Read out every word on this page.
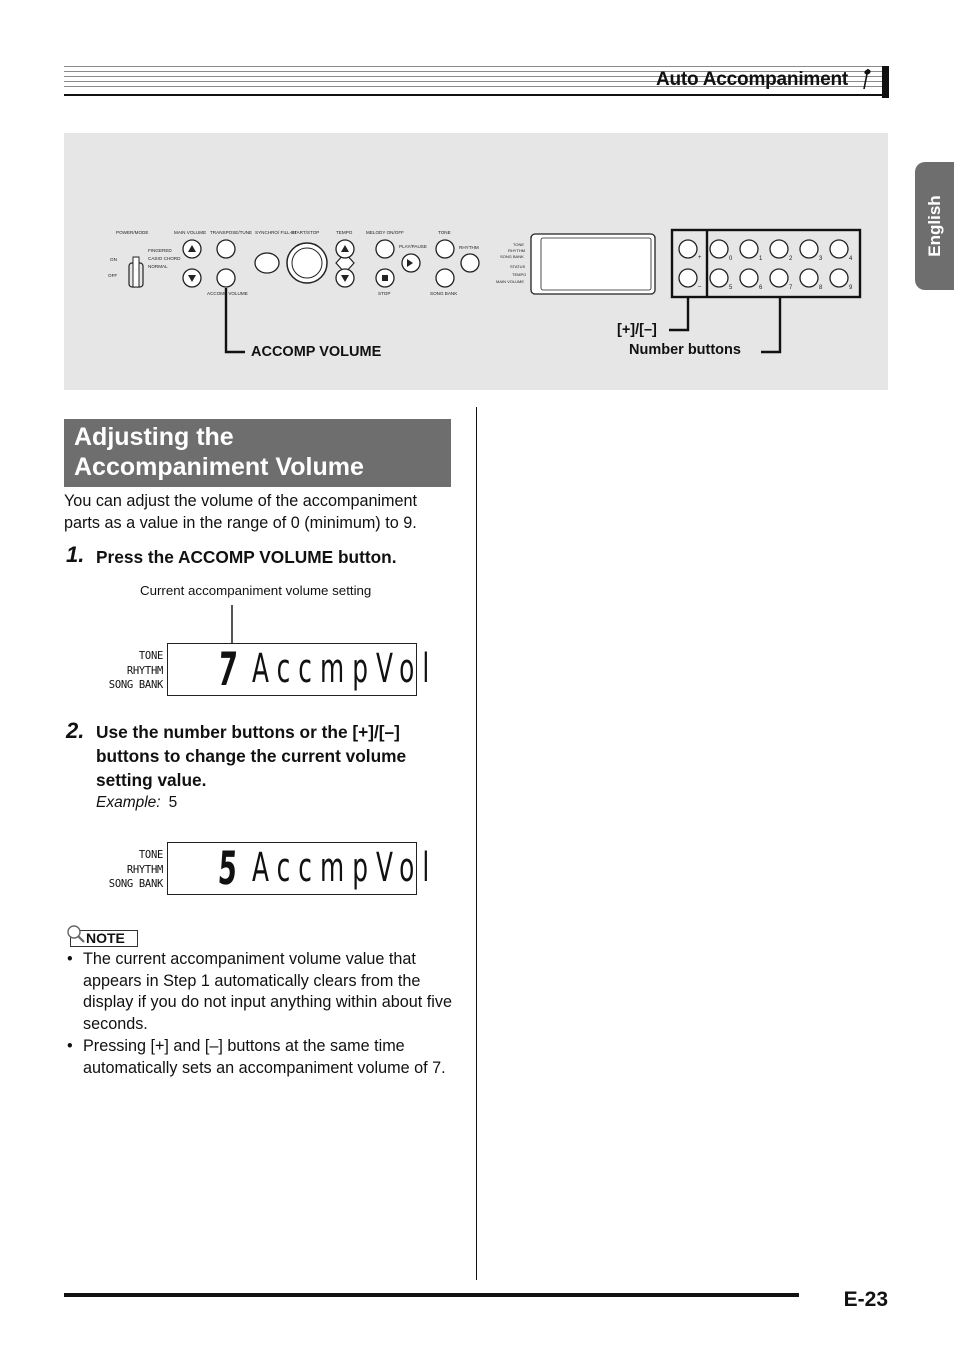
Auto Accompaniment
English
POWER/MODE
ON
OFF
FINGERED
CASIO CHORD
NORMAL
MAIN VOLUME TRANSPOSE/TUNE
ACCOMP VOLUME
SYNCHRO/ FILL-IN
START/STOP	TEMPO	MELODY ON/OFF
PLAY/PAUSE
STOP
TONE
RHYTHM
SONG BANK
TONE
RHYTHM
SONG BANK
STATUS
TEMPO
MAIN VOLUME
+
–
0	1	2	3	4
5	6	7	8	9
ACCOMP VOLUME
[+]/[–]
Number buttons
Adjusting the Accompaniment Volume
You can adjust the volume of the accompaniment parts as a value in the range of 0 (minimum) to 9.
1. Press the ACCOMP VOLUME button.
Current accompaniment volume setting
TONE
RHYTHM
SONG BANK 7 AccmpVol
2. Use the number buttons or the [+]/[–] buttons to change the current volume setting value.
Example: 5
TONE
RHYTHM
SONG BANK 5 AccmpVol
NOTE
• The current accompaniment volume value that appears in Step 1 automatically clears from the display if you do not input anything within about five seconds.
• Pressing [+] and [–] buttons at the same time automatically sets an accompaniment volume of 7.
E-23
